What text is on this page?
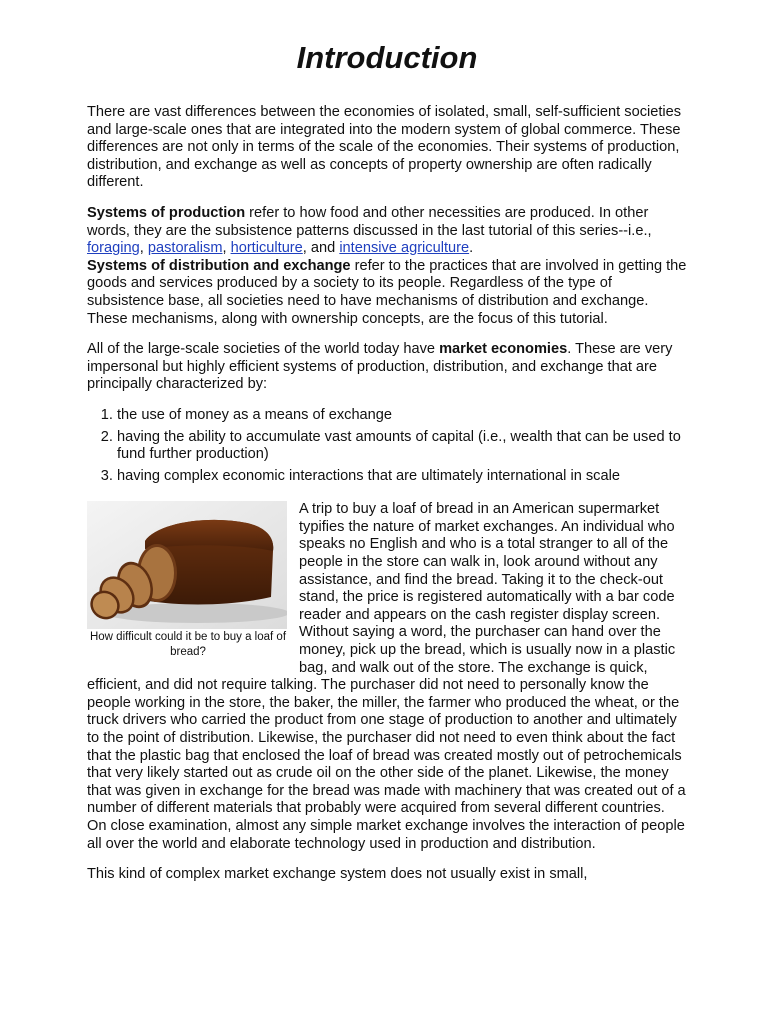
Introduction

There are vast differences between the economies of isolated, small, self-sufficient societies and large-scale ones that are integrated into the modern system of global commerce. These differences are not only in terms of the scale of the economies. Their systems of production, distribution, and exchange as well as concepts of property ownership are often radically different.

Systems of production refer to how food and other necessities are produced. In other words, they are the subsistence patterns discussed in the last tutorial of this series--i.e., foraging, pastoralism, horticulture, and intensive agriculture.
Systems of distribution and exchange refer to the practices that are involved in getting the goods and services produced by a society to its people. Regardless of the type of subsistence base, all societies need to have mechanisms of distribution and exchange. These mechanisms, along with ownership concepts, are the focus of this tutorial.

All of the large-scale societies of the world today have market economies. These are very impersonal but highly efficient systems of production, distribution, and exchange that are principally characterized by:

1. the use of money as a means of exchange
2. having the ability to accumulate vast amounts of capital (i.e., wealth that can be used to fund further production)
3. having complex economic interactions that are ultimately international in scale
How difficult could it be to buy a loaf of bread?

A trip to buy a loaf of bread in an American supermarket typifies the nature of market exchanges. An individual who speaks no English and who is a total stranger to all of the people in the store can walk in, look around without any assistance, and find the bread. Taking it to the check-out stand, the price is registered automatically with a bar code reader and appears on the cash register display screen. Without saying a word, the purchaser can hand over the money, pick up the bread, which is usually now in a plastic bag, and walk out of the store. The exchange is quick, efficient, and did not require talking. The purchaser did not need to personally know the people working in the store, the baker, the miller, the farmer who produced the wheat, or the truck drivers who carried the product from one stage of production to another and ultimately to the point of distribution. Likewise, the purchaser did not need to even think about the fact that the plastic bag that enclosed the loaf of bread was created mostly out of petrochemicals that very likely started out as crude oil on the other side of the planet. Likewise, the money that was given in exchange for the bread was made with machinery that was created out of a number of different materials that probably were acquired from several different countries. On close examination, almost any simple market exchange involves the interaction of people all over the world and elaborate technology used in production and distribution.

This kind of complex market exchange system does not usually exist in small,
